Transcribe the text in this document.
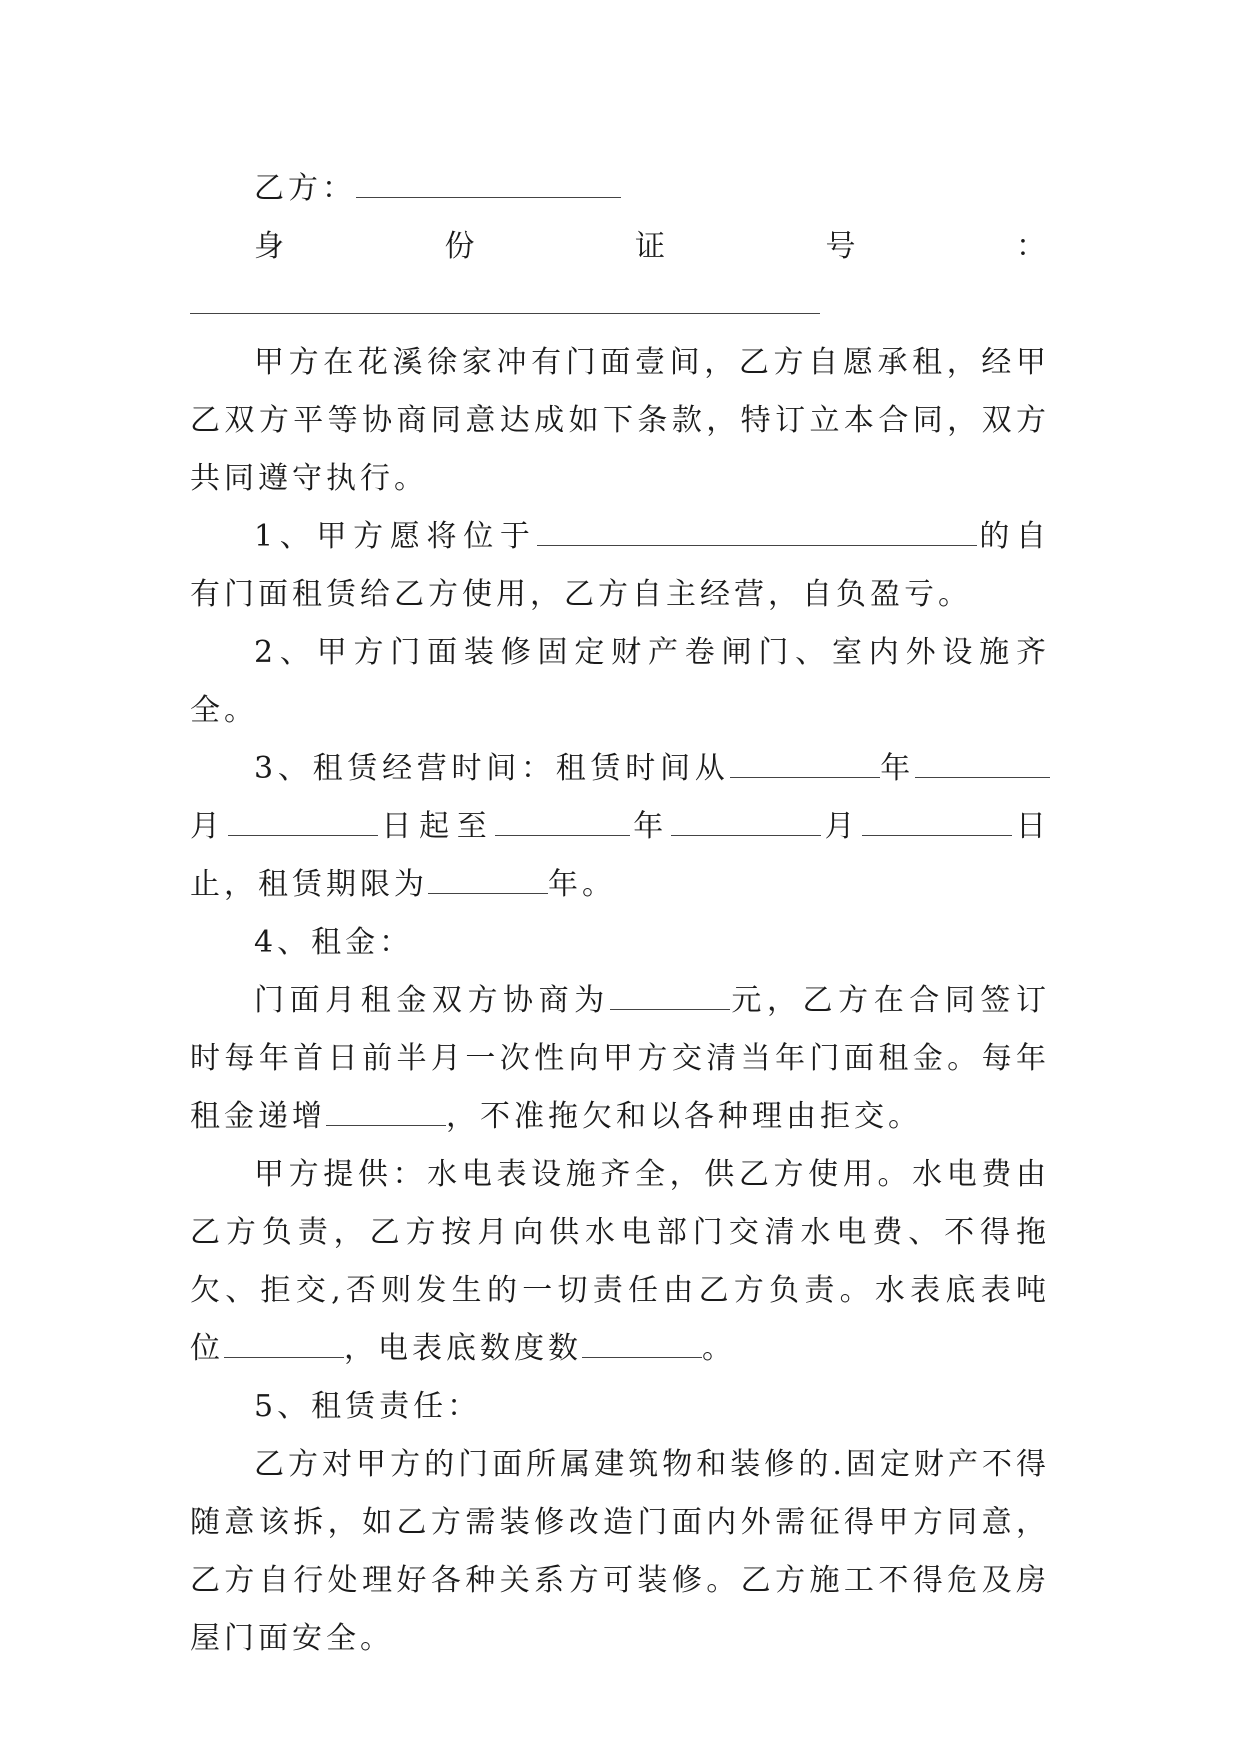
乙方：

身份证号：

甲方在花溪徐家冲有门面壹间，乙方自愿承租，经甲乙双方平等协商同意达成如下条款，特订立本合同，双方共同遵守执行。

1、甲方愿将位于	的自有门面租赁给乙方使用，乙方自主经营，自负盈亏。

2、甲方门面装修固定财产卷闸门、室内外设施齐全。

3、租赁经营时间：租赁时间从	年月	日起至	年	月	日止，租赁期限为	年。

4、租金：

门面月租金双方协商为	元，乙方在合同签订时每年首日前半月一次性向甲方交清当年门面租金。每年租金递增	，不准拖欠和以各种理由拒交。

甲方提供：水电表设施齐全，供乙方使用。水电费由乙方负责，乙方按月向供水电部门交清水电费、不得拖欠、拒交,否则发生的一切责任由乙方负责。水表底表吨位	，电表底数度数	。

5、租赁责任：

乙方对甲方的门面所属建筑物和装修的.固定财产不得随意该拆，如乙方需装修改造门面内外需征得甲方同意，乙方自行处理好各种关系方可装修。乙方施工不得危及房屋门面安全。
